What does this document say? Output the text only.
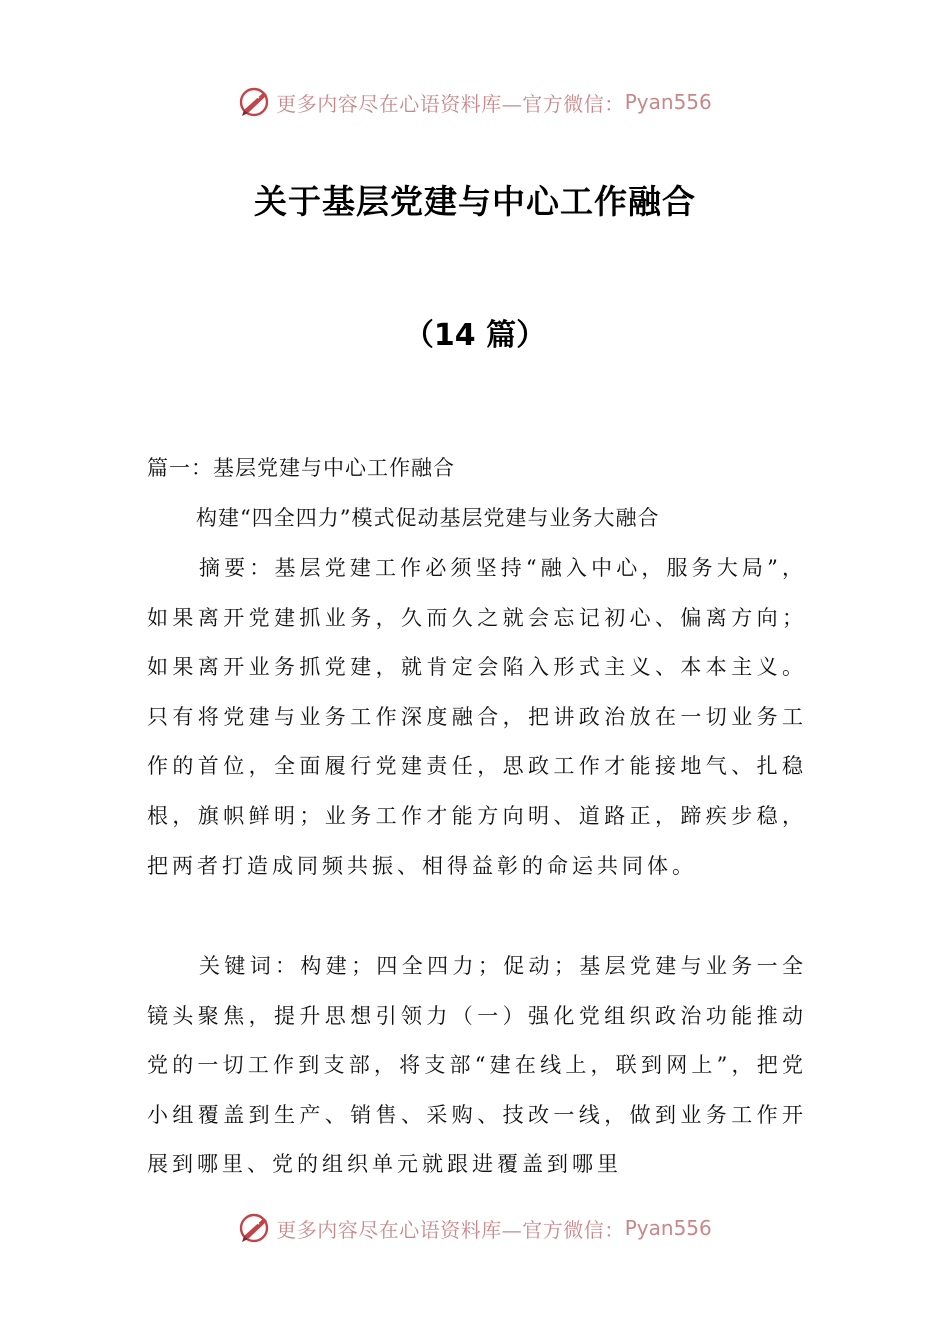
更多内容尽在心语资料库— 官方微信： Pyan556
关于基层党建与中心工作融合
（14 篇）
篇一：基层党建与中心工作融合
构建“四全四力”模式促动基层党建与业务大融合

摘要：基层党建工作必须坚持“融入中心，服务大局”，如果离开党建抓业务，久而久之就会忘记初心、偏离方向；如果离开业务抓党建，就肯定会陷入形式主义、本本主义。只有将党建与业务工作深度融合，把讲政治放在一切业务工作的首位，全面履行党建责任，思政工作才能接地气、扎稳根，旗帜鲜明；业务工作才能方向明、道路正，蹄疾步稳，把两者打造成同频共振、相得益彰的命运共同体。

关键词：构建；四全四力；促动；基层党建与业务一全镜头聚焦，提升思想引领力（一）强化党组织政治功能推动党的一切工作到支部，将支部“建在线上，联到网上”，把党小组覆盖到生产、销售、采购、技改一线，做到业务工作开展到哪里、党的组织单元就跟进覆盖到哪里

更多内容尽在心语资料库— 官方微信： Pyan556
